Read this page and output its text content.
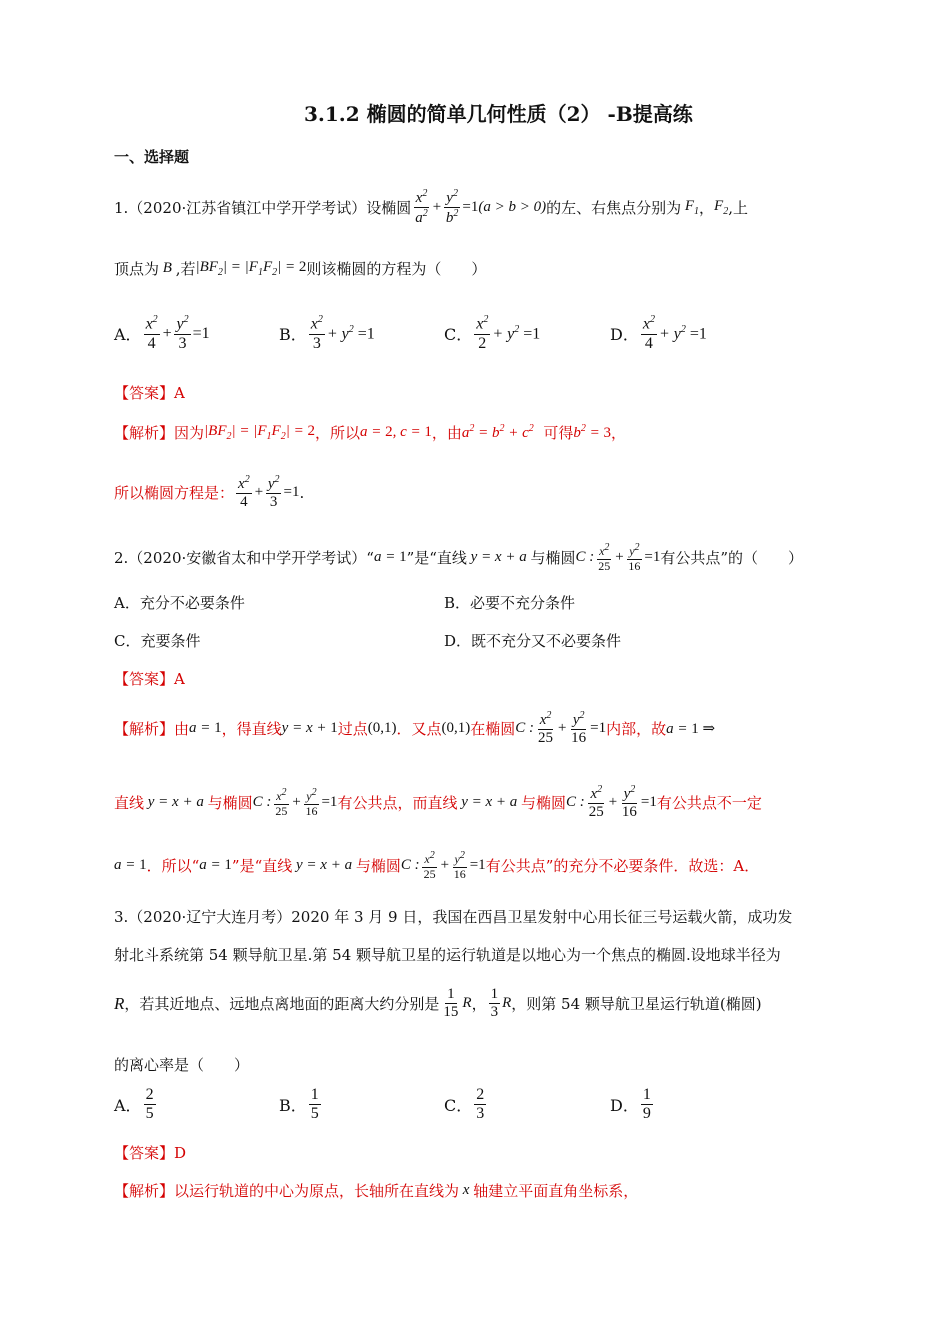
3.1.2 椭圆的简单几何性质（2） -B提高练
一、选择题
1.（2020·江苏省镇江中学开学考试）设椭圆 $\frac{x^2}{a^2} + \frac{y^2}{b^2} =1(a > b > 0)$ 的左、右焦点分别为 $F_1$ ， $F_2$ ,上
顶点为 B ,若 $|BF_2| = |F_1F_2| = 2$ 则该椭圆的方程为（　　）
A． $\frac{x^2}{4} + \frac{y^2}{3} =1$	B． $\frac{x^2}{3} + y^2 =1$	C． $\frac{x^2}{2} + y^2 =1$	D． $\frac{x^2}{4} + y^2 =1$
【答案】A
【解析】 因为 $|BF_2| = |F_1F_2| = 2$ ，所以 a = 2, c = 1 ，由 $a^2 = b^2 + c^2$
可得 $b^2 = 3$ ，
所以椭圆方程是： $\frac{x^2}{4} + \frac{y^2}{3} =1$ .
2.（2020·安徽省太和中学开学考试）“ a = 1 ”是“直线 y = x + a 与椭圆 C : $\frac{x^2}{25} + \frac{y^2}{16} =1$ 有公共点”的（　　）
A．充分不必要条件	B．必要不充分条件
C．充要条件	D．既不充分又不必要条件
【答案】A
【解析】 由 a = 1 ，得直线 y = x + 1 过点 (0,1) ．又点 (0,1) 在椭圆 C : $\frac{x^2}{25} + \frac{y^2}{16} =1$ 内部，故 a = 1 ⇒
直线 y = x + a 与椭圆 C : $\frac{x^2}{25} + \frac{y^2}{16} =1$ 有公共点，而直线 y = x + a 与椭圆 C : $\frac{x^2}{25} + \frac{y^2}{16} =1$ 有公共点不一定
a = 1 ．所以“ a = 1 ”是“直线 y = x + a 与椭圆 C : $\frac{x^2}{25} + \frac{y^2}{16} =1$ 有公共点”的充分不必要条件．故选：A．
3.（2020·辽宁大连月考）2020 年 3 月 9 日，我国在西昌卫星发射中心用长征三号运载火箭，成功发
射北斗系统第 54 颗导航卫星.第 54 颗导航卫星的运行轨道是以地心为一个焦点的椭圆.设地球半径为
R ，若其近地点、远地点离地面的距离大约分别是 $\frac{1}{15}$ R ， $\frac{1}{3}$ R ，则第 54 颗导航卫星运行轨道(椭圆)
的离心率是（　　）
A． $\frac{2}{5}$	B． $\frac{1}{5}$	C． $\frac{2}{3}$	D． $\frac{1}{9}$
【答案】D
【解析】 以运行轨道的中心为原点，长轴所在直线为 x 轴建立平面直角坐标系，
